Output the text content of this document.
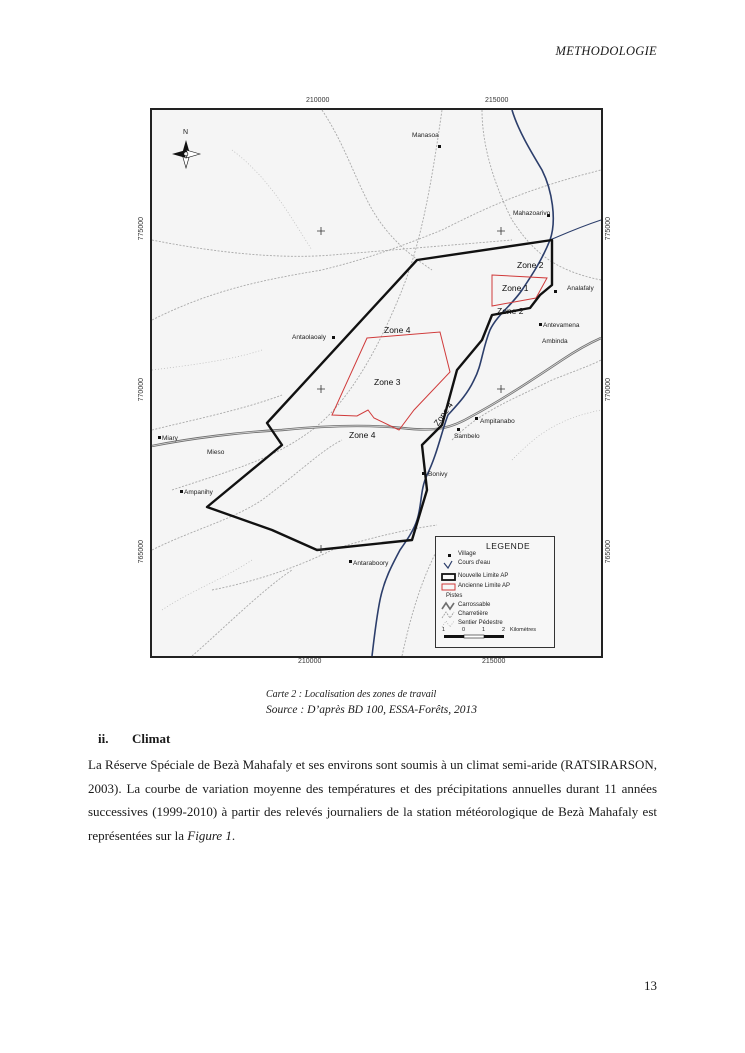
METHODOLOGIE
210000	215000
210000	215000
N	Manasoa
Mahazoarivo
Analafaly
Antevamena
Ambinda
Antaolaoaly
Ampitanabo
Sambelo
Miary
Mieso
Bonivy
Ampanihy
Antaraboory
Zone 2
Zone 1
Zone 2
Zone 4
Zone 3
Zone 4
Zone 4
775000
770000
765000
775000
770000
765000
LEGENDE
Village
Cours d'eau
Nouvelle Limite AP
Ancienne Limite AP
Pistes
Carrossable
Charretière
Sentier Pédestre
1	0	1	2 Kilomètres
Carte 2 : Localisation des zones de travail
Source : D’après BD 100, ESSA-Forêts, 2013
ii. Climat
La Réserve Spéciale de Bezà Mahafaly et ses environs sont soumis à un climat semi-aride (RATSIRARSON, 2003). La courbe de variation moyenne des températures et des précipitations annuelles durant 11 années successives (1999-2010) à partir des relevés journaliers de la station météorologique de Bezà Mahafaly est représentées sur la Figure 1.
13
